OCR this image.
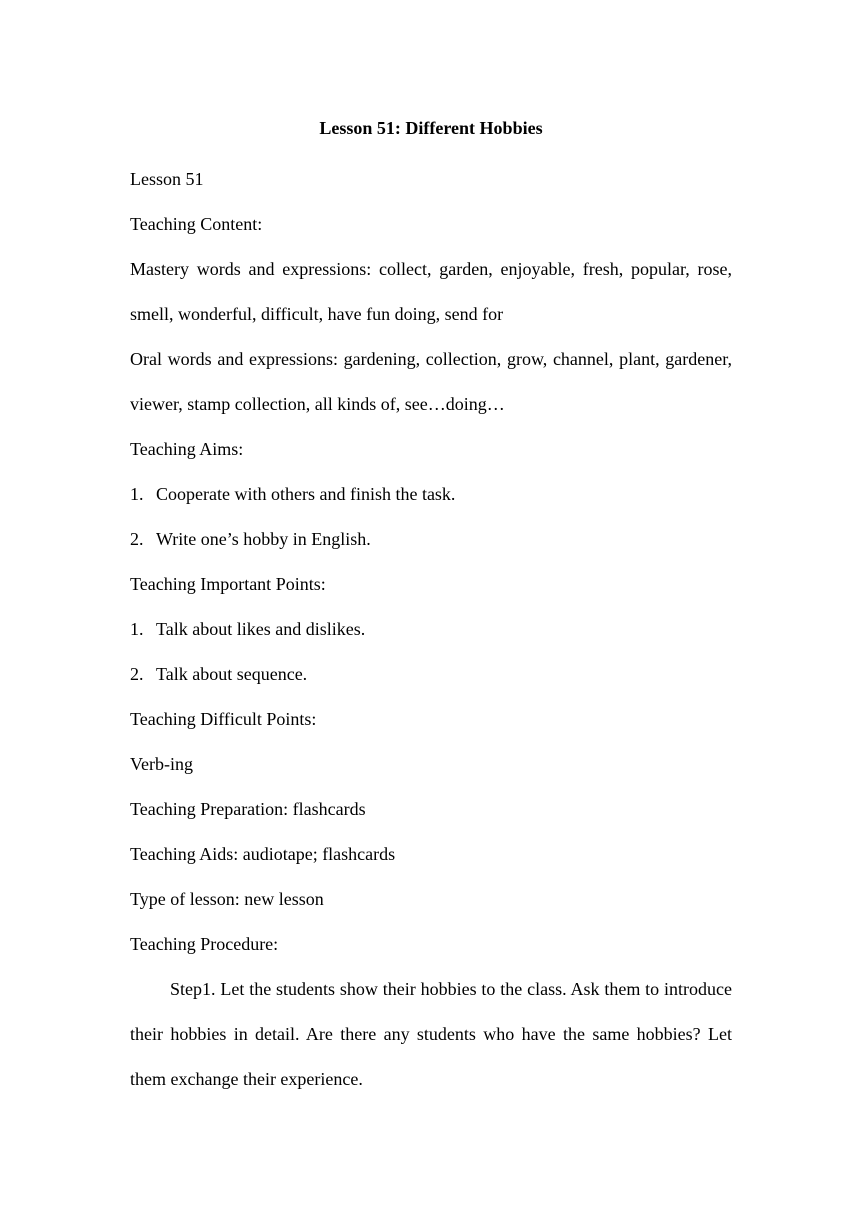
Lesson 51: Different Hobbies
Lesson 51
Teaching Content:

Mastery words and expressions: collect, garden, enjoyable, fresh, popular, rose, smell, wonderful, difficult, have fun doing, send for

Oral words and expressions: gardening, collection, grow, channel, plant, gardener, viewer, stamp collection, all kinds of, see…doing…

Teaching Aims:
1. Cooperate with others and finish the task.
2. Write one’s hobby in English.
Teaching Important Points:
1. Talk about likes and dislikes.
2. Talk about sequence.
Teaching Difficult Points:
Verb-ing
Teaching Preparation: flashcards
Teaching Aids: audiotape; flashcards
Type of lesson: new lesson
Teaching Procedure:

Step1. Let the students show their hobbies to the class. Ask them to introduce their hobbies in detail. Are there any students who have the same hobbies? Let them exchange their experience.
